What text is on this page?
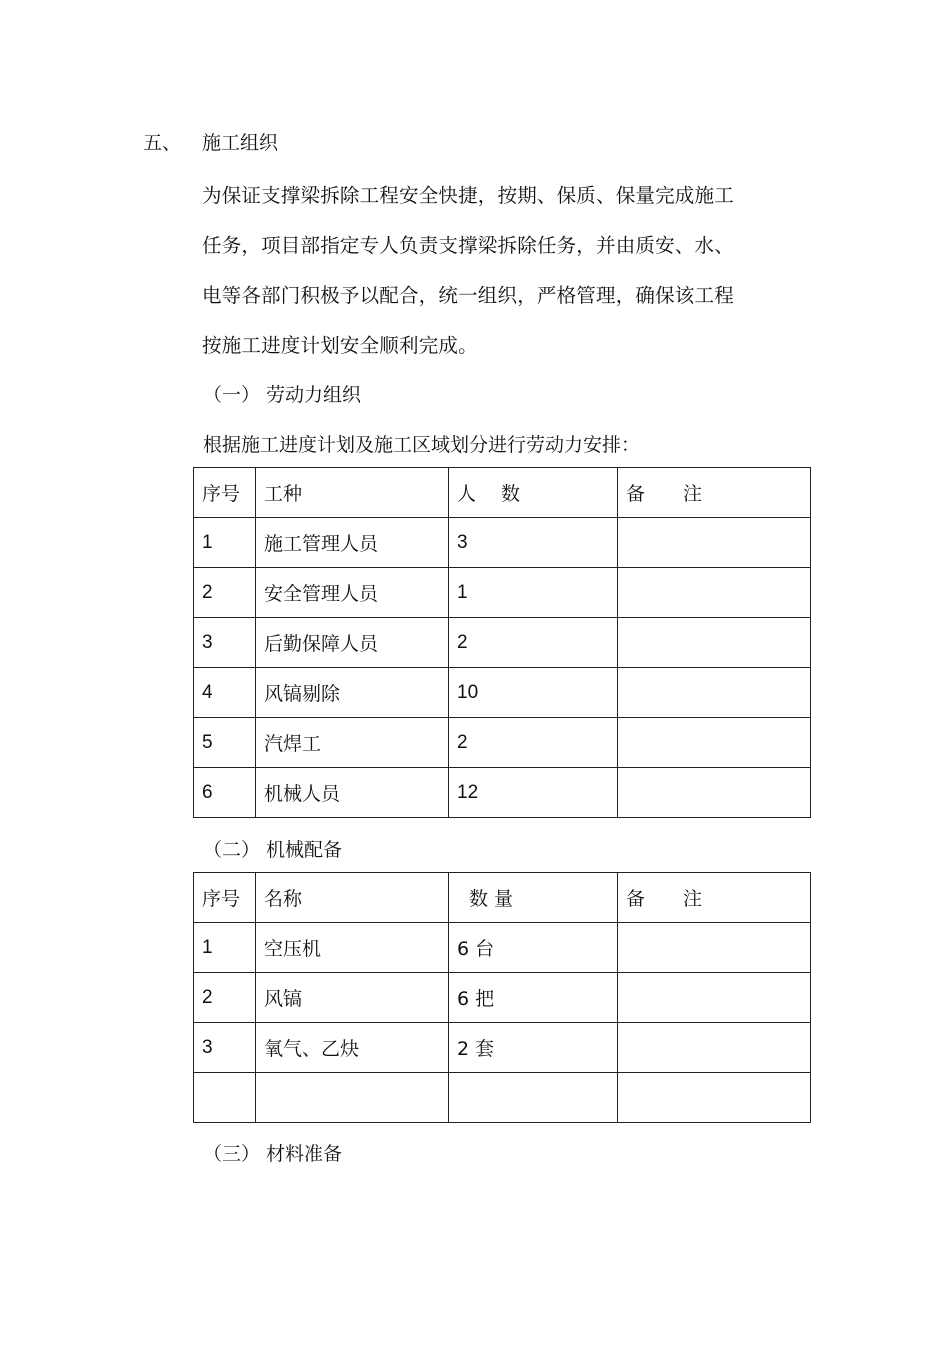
五、 施工组织
为保证支撑梁拆除工程安全快捷，按期、保质、保量完成施工
任务，项目部指定专人负责支撑梁拆除任务，并由质安、水、
电等各部门积极予以配合，统一组织，严格管理，确保该工程
按施工进度计划安全顺利完成。
（一） 劳动力组织
根据施工进度计划及施工区域划分进行劳动力安排：
序号	工种	人　 数	备　　注
1	施工管理人员	3	
2	安全管理人员	1	
3	后勤保障人员	2	
4	风镐剔除	10	
5	汽焊工	2	
6	机械人员	12	
（二） 机械配备
序号	名称	数 量	备　　注
1	空压机	6 台	
2	风镐	6 把	
3	氧气、乙炔	2 套	

（三） 材料准备
